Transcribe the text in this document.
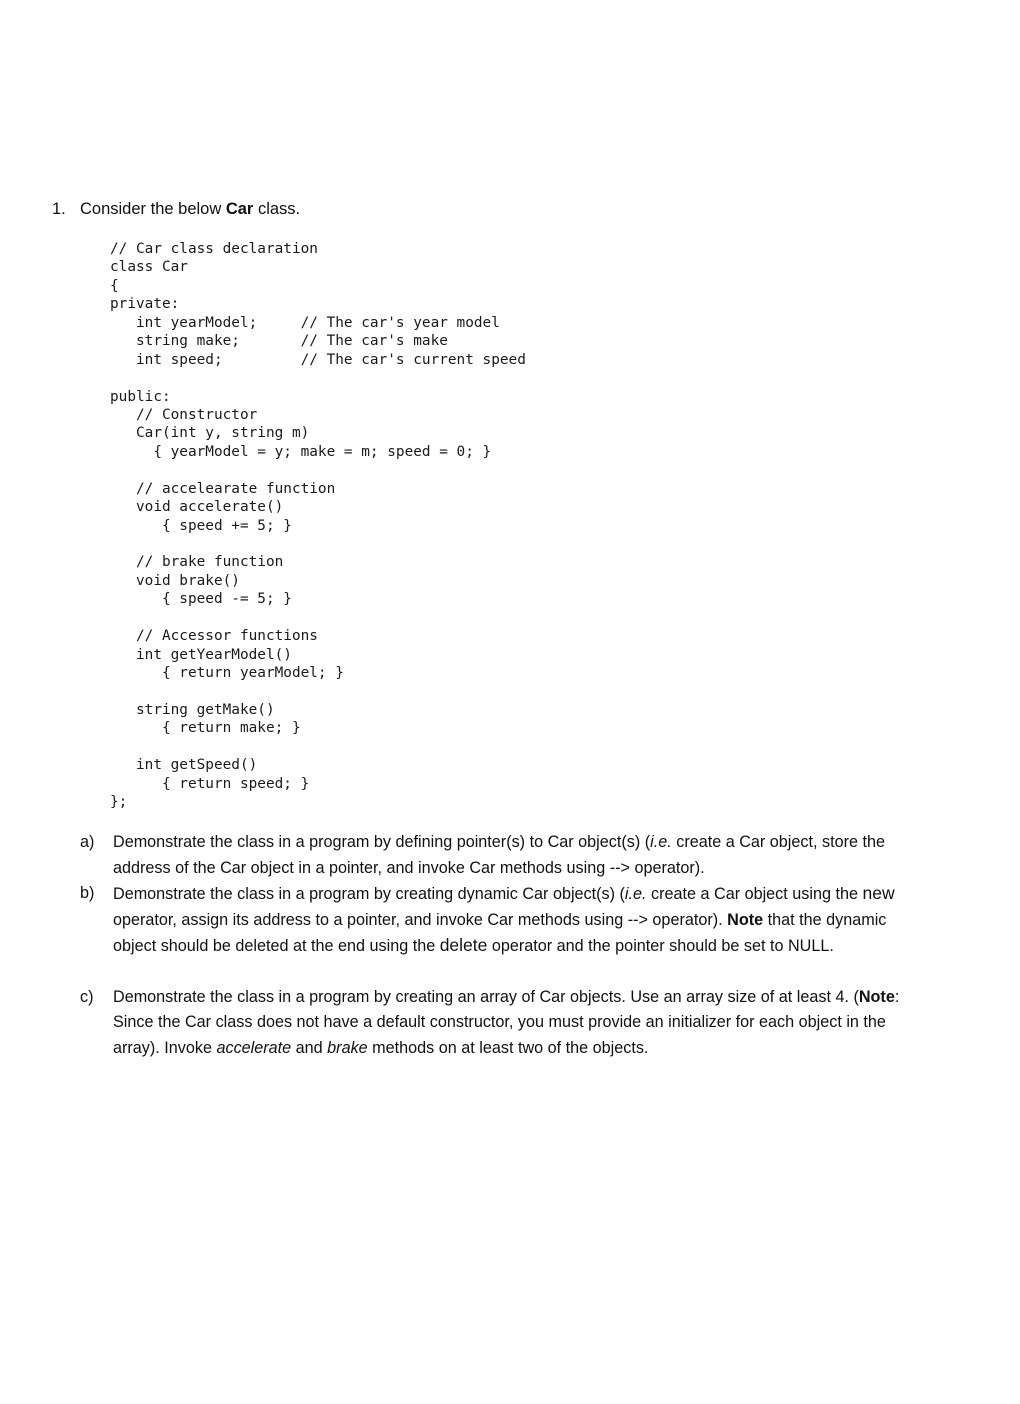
1. Consider the below Car class.
// Car class declaration
class Car
{
private:
int yearModel;     // The car's year model
string make;       // The car's make
int speed;         // The car's current speed
public:
// Constructor
Car(int y, string m)
{ yearModel = y; make = m; speed = 0; }
// accelearate function
void accelerate()
{ speed += 5; }
// brake function
void brake()
{ speed -= 5; }
// Accessor functions
int getYearModel()
{ return yearModel; }
string getMake()
{ return make; }
int getSpeed()
{ return speed; }
};
a) Demonstrate the class in a program by defining pointer(s) to Car object(s) (i.e. create a Car object, store the address of the Car object in a pointer, and invoke Car methods using --> operator).
b) Demonstrate the class in a program by creating dynamic Car object(s) (i.e. create a Car object using the new operator, assign its address to a pointer, and invoke Car methods using --> operator). Note that the dynamic object should be deleted at the end using the delete operator and the pointer should be set to NULL.
c) Demonstrate the class in a program by creating an array of Car objects. Use an array size of at least 4. (Note: Since the Car class does not have a default constructor, you must provide an initializer for each object in the array). Invoke accelerate and brake methods on at least two of the objects.
